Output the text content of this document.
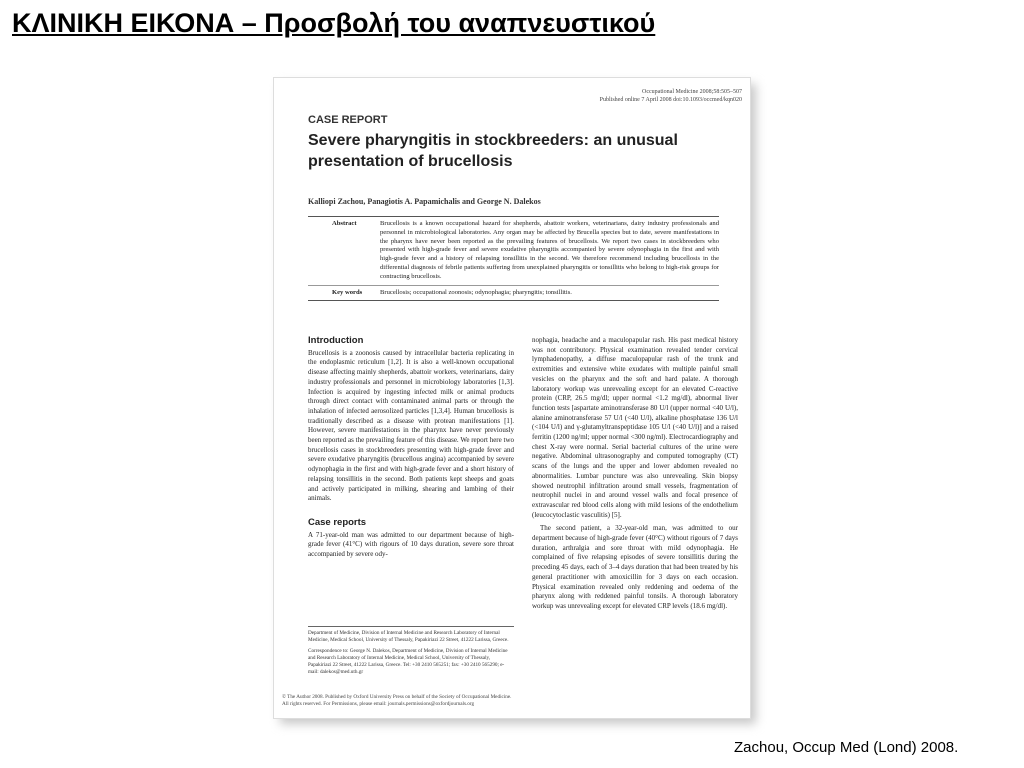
ΚΛΙΝΙΚΗ ΕΙΚΟΝΑ – Προσβολή του αναπνευστικού
Occupational Medicine 2008;58:505–507
Published online 7 April 2008 doi:10.1093/occmed/kqn020
CASE REPORT
Severe pharyngitis in stockbreeders: an unusual presentation of brucellosis
Kalliopi Zachou, Panagiotis A. Papamichalis and George N. Dalekos
Abstract	Brucellosis is a known occupational hazard for shepherds, abattoir workers, veterinarians, dairy industry professionals and personnel in microbiological laboratories. Any organ may be affected by Brucella species but to date, severe manifestations in the pharynx have never been reported as the prevailing features of brucellosis. We report two cases in stockbreeders who presented with high-grade fever and severe exudative pharyngitis accompanied by severe odynophagia in the first and with high-grade fever and a history of relapsing tonsillitis in the second. We therefore recommend including brucellosis in the differential diagnosis of febrile patients suffering from unexplained pharyngitis or tonsillitis who belong to high-risk groups for contracting brucellosis.
Key words	Brucellosis; occupational zoonosis; odynophagia; pharyngitis; tonsillitis.
Introduction

Brucellosis is a zoonosis caused by intracellular bacteria replicating in the endoplasmic reticulum [1,2]. It is also a well-known occupational disease affecting mainly shepherds, abattoir workers, veterinarians, dairy industry professionals and personnel in microbiology laboratories [1,3]. Infection is acquired by ingesting infected milk or animal products through direct contact with contaminated animal parts or through the inhalation of infected aerosolized particles [1,3,4]. Human brucellosis is traditionally described as a disease with protean manifestations [1]. However, severe manifestations in the pharynx have never previously been reported as the prevailing feature of this disease. We report here two brucellosis cases in stockbreeders presenting with high-grade fever and severe exudative pharyngitis (brucellous angina) accompanied by severe odynophagia in the first and with high-grade fever and a short history of relapsing tonsillitis in the second. Both patients kept sheeps and goats and actively participated in milking, shearing and lambing of their animals.

Case reports

A 71-year-old man was admitted to our department because of high-grade fever (41°C) with rigours of 10 days duration, severe sore throat accompanied by severe ody-

nophagia, headache and a maculopapular rash. His past medical history was not contributory. Physical examination revealed tender cervical lymphadenopathy, a diffuse maculopapular rash of the trunk and extremities and extensive white exudates with multiple painful small vesicles on the pharynx and the soft and hard palate. A thorough laboratory workup was unrevealing except for an elevated C-reactive protein (CRP, 26.5 mg/dl; upper normal <1.2 mg/dl), abnormal liver function tests [aspartate aminotransferase 80 U/l (upper normal <40 U/l), alanine aminotransferase 57 U/l (<40 U/l), alkaline phosphatase 136 U/l (<104 U/l) and γ-glutamyltranspeptidase 105 U/l (<40 U/l)] and a raised ferritin (1200 ng/ml; upper normal <300 ng/ml). Electrocardiography and chest X-ray were normal. Serial bacterial cultures of the urine were negative. Abdominal ultrasonography and computed tomography (CT) scans of the lungs and the upper and lower abdomen revealed no abnormalities. Lumbar puncture was also unrevealing. Skin biopsy showed neutrophil infiltration around small vessels, fragmentation of neutrophil nuclei in and around vessel walls and focal presence of extravascular red blood cells along with mild lesions of the endothelium (leucocytoclastic vasculitis) [5].

The second patient, a 32-year-old man, was admitted to our department because of high-grade fever (40°C) without rigours of 7 days duration, arthralgia and sore throat with mild odynophagia. He complained of five relapsing episodes of severe tonsillitis during the preceding 45 days, each of 3–4 days duration that had been treated by his general practitioner with amoxicillin for 3 days on each occasion. Physical examination revealed only reddening and oedema of the pharynx along with reddened painful tonsils. A thorough laboratory workup was unrevealing except for elevated CRP levels (18.6 mg/dl).

Department of Medicine, Division of Internal Medicine and Research Laboratory of Internal Medicine, Medical School, University of Thessaly, Papakiriazi 22 Street, 41222 Larissa, Greece.

Correspondence to: George N. Dalekos, Department of Medicine, Division of Internal Medicine and Research Laboratory of Internal Medicine, Medical School, University of Thessaly, Papakiriazi 22 Street, 41222 Larissa, Greece. Tel: +30 2410 565251; fax: +30 2410 565290; e-mail: dalekos@med.uth.gr

© The Author 2008. Published by Oxford University Press on behalf of the Society of Occupational Medicine.
All rights reserved. For Permissions, please email: journals.permissions@oxfordjournals.org
Zachou, Occup Med (Lond) 2008.
